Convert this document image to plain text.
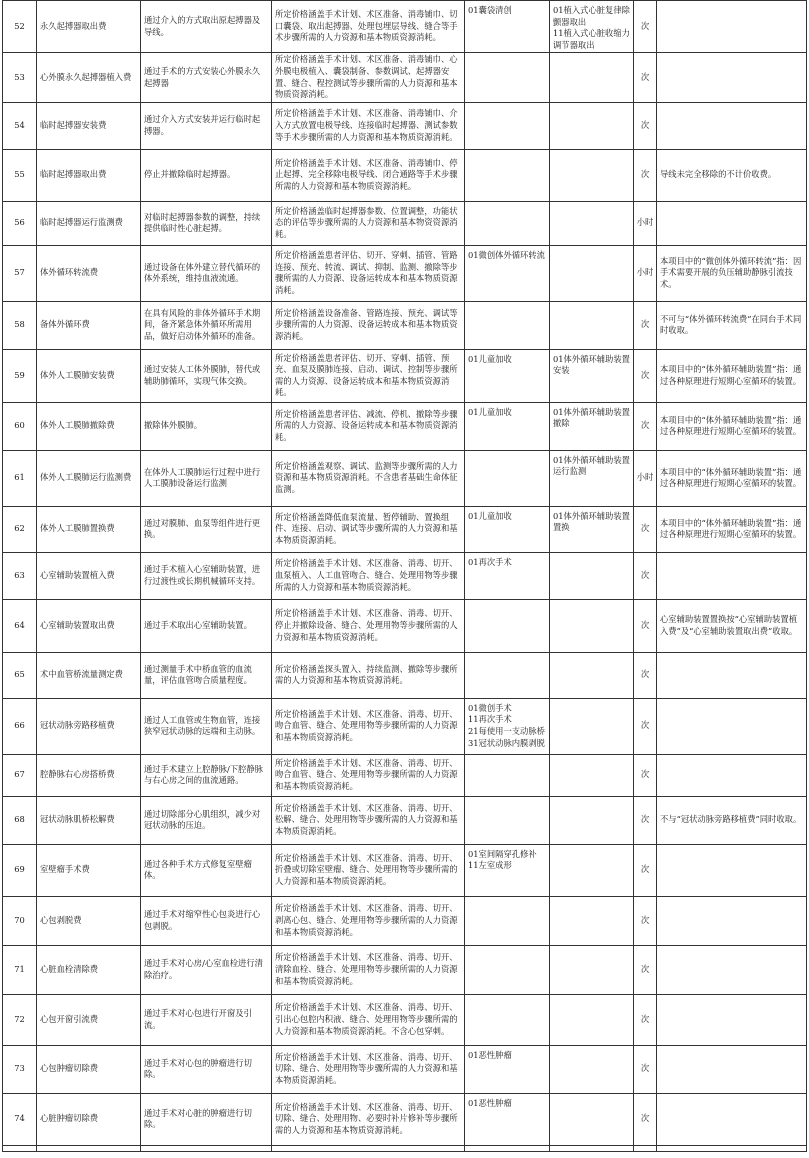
52	永久起搏器取出费	通过介入的方式取出原起搏器及导线。	所定价格涵盖手术计划、术区准备、消毒铺巾、切口囊袋、取出起搏器、处理包埋层导线、缝合等手术步骤所需的人力资源和基本物质资源消耗。	01囊袋清创	01植入式心脏复律除颤器取出
11植入式心脏收缩力调节器取出	次	
53	心外膜永久起搏器植入费	通过手术的方式安装心外膜永久起搏器	所定价格涵盖手术计划、术区准备、消毒铺巾、心外膜电极植入、囊袋制备、参数调试、起搏器安置、缝合、程控测试等步骤所需的人力资源和基本物质资源消耗。			次	
54	临时起搏器安装费	通过介入方式安装并运行临时起搏器。	所定价格涵盖手术计划、术区准备、消毒铺巾、介入方式放置电极导线、连接临时起搏器、测试参数等手术步骤所需的人力资源和基本物质资源消耗。			次	
55	临时起搏器取出费	停止并撤除临时起搏器。	所定价格涵盖手术计划、术区准备、消毒铺巾、停止起搏、完全移除电极导线、闭合通路等手术步骤所需的人力资源和基本物质资源消耗。			次	导线未完全移除的不计价收费。
56	临时起搏器运行监测费	对临时起搏器参数的调整，持续提供临时性心脏起搏。	所定价格涵盖临时起搏器参数、位置调整，功能状态的评估等步骤所需的人力资源和基本物资资源消耗。			小时	
57	体外循环转流费	通过设备在体外建立替代循环的体外系统，维持血液流通。	所定价格涵盖患者评估、切开、穿刺、插管、管路连接、预充、转流、调试、抑制、监测、撤除等步骤所需的人力资源、设备运转成本和基本物质资源消耗。	01微创体外循环转流		小时	本项目中的“微创体外循环转流”指：因手术需要开展的负压辅助静脉引流技术。
58	备体外循环费	在具有风险的非体外循环手术期间，备齐紧急体外循环所需用品，做好启动体外循环的准备。	所定价格涵盖设备准备、管路连接、预充、调试等步骤所需的人力资源、设备运转成本和基本物质资源消耗。			次	不可与“体外循环转流费”在同台手术同时收取。
59	体外人工膜肺安装费	通过安装人工体外膜肺，替代或辅助肺循环，实现气体交换。	所定价格涵盖患者评估、切开、穿刺、插管、预充、血泵及膜肺连接、启动、调试、控制等步骤所需的人力资源、设备运转成本和基本物质资源消耗。	01儿童加收	01体外循环辅助装置安装	次	本项目中的“体外循环辅助装置”指：通过各种原理进行短期心室循环的装置。
60	体外人工膜肺撤除费	撤除体外膜肺。	所定价格涵盖患者评估、减流、停机、撤除等步骤所需的人力资源、设备运转成本和基本物质资源消耗。	01儿童加收	01体外循环辅助装置撤除	次	本项目中的“体外循环辅助装置”指：通过各种原理进行短期心室循环的装置。
61	体外人工膜肺运行监测费	在体外人工膜肺运行过程中进行人工膜肺设备运行监测	所定价格涵盖观察、调试、监测等步骤所需的人力资源和基本物质资源消耗。不含患者基础生命体征监测。		01体外循环辅助装置运行监测	小时	本项目中的“体外循环辅助装置”指：通过各种原理进行短期心室循环的装置。
62	体外人工膜肺置换费	通过对膜肺、血泵等组件进行更换。	所定价格涵盖降低血泵流量、暂停辅助、置换组件、连接、启动、调试等步骤所需的人力资源和基本物质资源消耗。	01儿童加收	01体外循环辅助装置置换	次	本项目中的“体外循环辅助装置”指：通过各种原理进行短期心室循环的装置。
63	心室辅助装置植入费	通过手术植入心室辅助装置，进行过渡性或长期机械循环支持。	所定价格涵盖手术计划、术区准备、消毒、切开、血泵植入、人工血管吻合、缝合、处理用物等步骤所需的人力资源和基本物质资源消耗。	01再次手术		次	
64	心室辅助装置取出费	通过手术取出心室辅助装置。	所定价格涵盖手术计划、术区准备、消毒、切开、停止并撤除设备、缝合、处理用物等步骤所需的人力资源和基本物质资源消耗。			次	心室辅助装置置换按“心室辅助装置植入费”及“心室辅助装置取出费”收取。
65	术中血管桥流量测定费	通过测量手术中桥血管的血流量，评估血管吻合质量程度。	所定价格涵盖探头置入、持续监测、撤除等步骤所需的人力资源和基本物质资源消耗。			次	
66	冠状动脉旁路移植费	通过人工血管或生物血管，连接狭窄冠状动脉的远端和主动脉。	所定价格涵盖手术计划、术区准备、消毒、切开、吻合血管、缝合、处理用物等步骤所需的人力资源和基本物质资源消耗。	01微创手术
11再次手术
21每使用一支动脉桥
31冠状动脉内膜剥脱		次	
67	腔静脉右心房搭桥费	通过手术建立上腔静脉/下腔静脉与右心房之间的血流通路。	所定价格涵盖手术计划、术区准备、消毒、切开、吻合血管、缝合、处理用物等步骤所需的人力资源和基本物质资源消耗。			次	
68	冠状动脉肌桥松解费	通过切除部分心肌组织，减少对冠状动脉的压迫。	所定价格涵盖手术计划、术区准备、消毒、切开、松解、缝合、处理用物等步骤所需的人力资源和基本物质资源消耗。			次	不与“冠状动脉旁路移植费”同时收取。
69	室壁瘤手术费	通过各种手术方式修复室壁瘤体。	所定价格涵盖手术计划、术区准备、消毒、切开、折叠或切除室壁瘤、缝合、处理用物等步骤所需的人力资源和基本物质资源消耗。	01室间隔穿孔修补
11左室成形		次	
70	心包剥脱费	通过手术对缩窄性心包炎进行心包剥脱。	所定价格涵盖手术计划、术区准备、消毒、切开、剥离心包、缝合、处理用物等步骤所需的人力资源和基本物质资源消耗。			次	
71	心脏血栓清除费	通过手术对心房/心室血栓进行清除治疗。	所定价格涵盖手术计划、术区准备、消毒、切开、清除血栓、缝合、处理用物等步骤所需的人力资源和基本物质资源消耗。			次	
72	心包开窗引流费	通过手术对心包进行开窗及引流。	所定价格涵盖手术计划、术区准备、消毒、切开、引出心包腔内积液、缝合、处理用物等步骤所需的人力资源和基本物质资源消耗。不含心包穿刺。			次	
73	心包肿瘤切除费	通过手术对心包的肿瘤进行切除。	所定价格涵盖手术计划、术区准备、消毒、切开、切除、缝合、处理用物等步骤所需的人力资源和基本物质资源消耗。	01恶性肿瘤		次	
74	心脏肿瘤切除费	通过手术对心脏的肿瘤进行切除。	所定价格涵盖手术计划、术区准备、消毒、切开、切除、缝合、处理用物、必要时补片修补等步骤所需的人力资源和基本物质资源消耗。	01恶性肿瘤		次	
